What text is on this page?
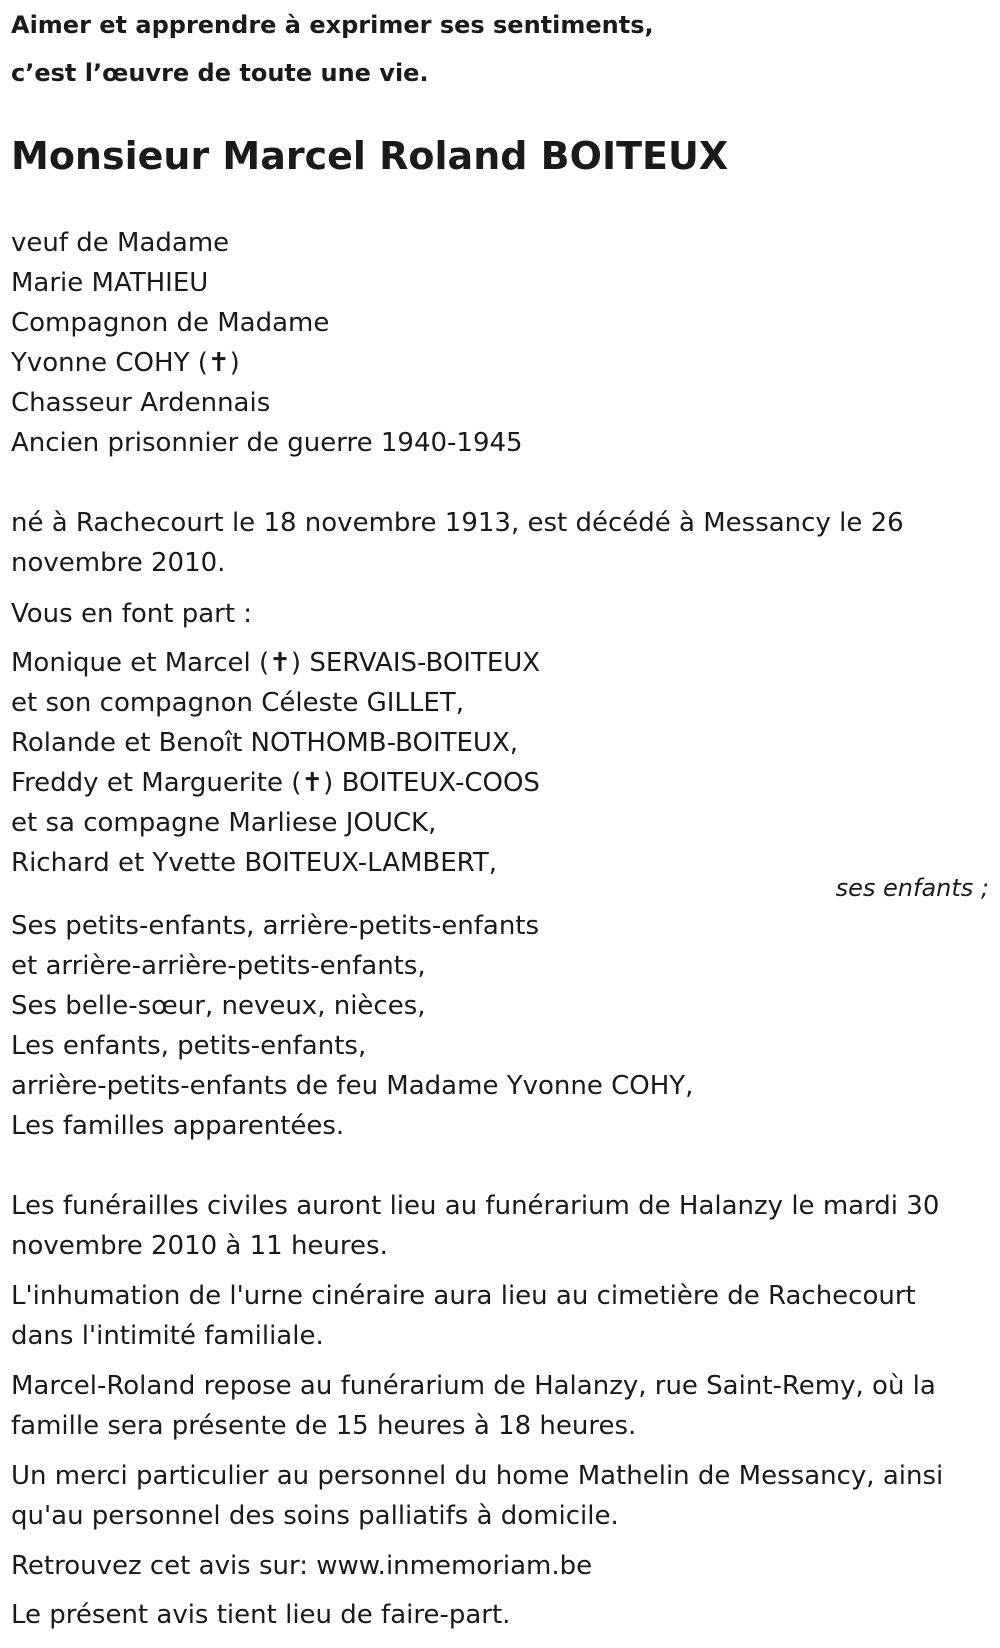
Aimer et apprendre à exprimer ses sentiments,
c’est l’œuvre de toute une vie.
Monsieur Marcel Roland BOITEUX
veuf de Madame
Marie MATHIEU
Compagnon de Madame
Yvonne COHY (✝)
Chasseur Ardennais
Ancien prisonnier de guerre 1940-1945
né à Rachecourt le 18 novembre 1913, est décédé à Messancy le 26
novembre 2010.
Vous en font part :
Monique et Marcel (✝) SERVAIS-BOITEUX
et son compagnon Céleste GILLET,
Rolande et Benoît NOTHOMB-BOITEUX,
Freddy et Marguerite (✝) BOITEUX-COOS
et sa compagne Marliese JOUCK,
Richard et Yvette BOITEUX-LAMBERT,
ses enfants ;
Ses petits-enfants, arrière-petits-enfants
et arrière-arrière-petits-enfants,
Ses belle-sœur, neveux, nièces,
Les enfants, petits-enfants,
arrière-petits-enfants de feu Madame Yvonne COHY,
Les familles apparentées.
Les funérailles civiles auront lieu au funérarium de Halanzy le mardi 30
novembre 2010 à 11 heures.
L'inhumation de l'urne cinéraire aura lieu au cimetière de Rachecourt
dans l'intimité familiale.
Marcel-Roland repose au funérarium de Halanzy, rue Saint-Remy, où la
famille sera présente de 15 heures à 18 heures.
Un merci particulier au personnel du home Mathelin de Messancy, ainsi
qu'au personnel des soins palliatifs à domicile.
Retrouvez cet avis sur: www.inmemoriam.be
Le présent avis tient lieu de faire-part.
